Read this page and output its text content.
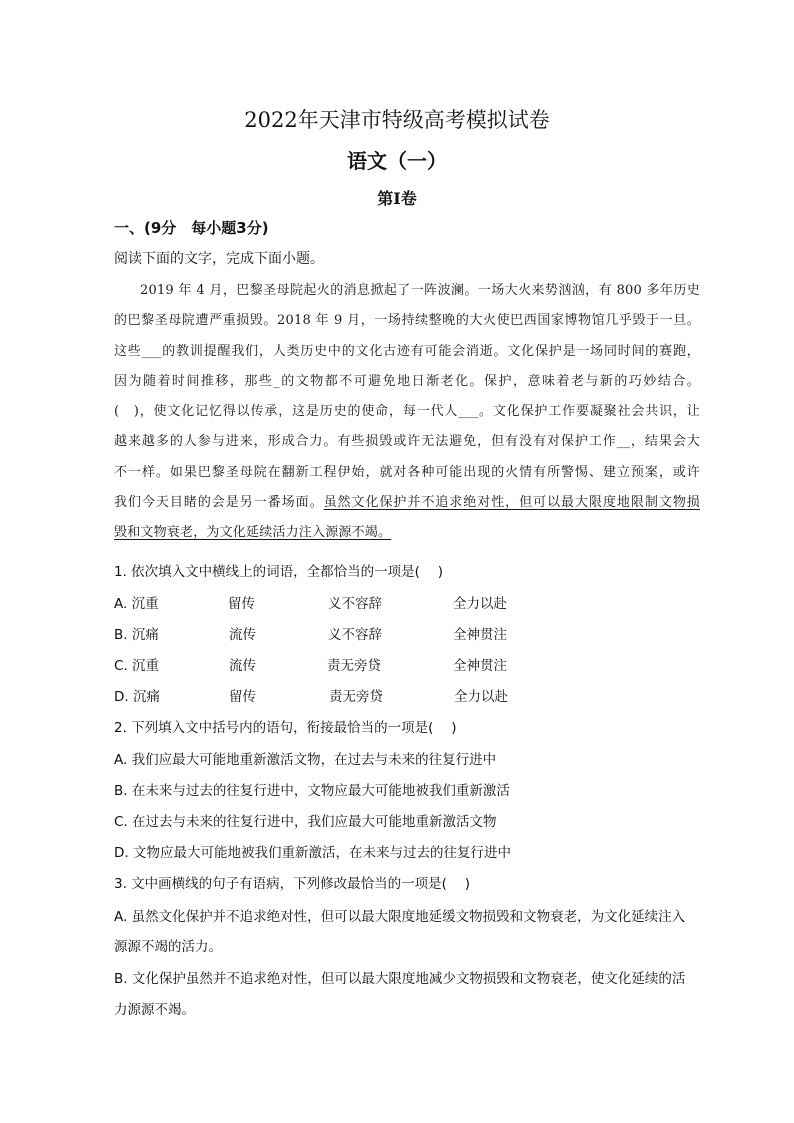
2022年天津市特级高考模拟试卷
语文（一）
第Ⅰ卷
一、(9分　每小题3分)
阅读下面的文字，完成下面小题。
2019 年 4 月，巴黎圣母院起火的消息掀起了一阵波澜。一场大火来势汹汹，有 800 多年历史
的巴黎圣母院遭严重损毁。2018 年 9 月，一场持续整晚的大火使巴西国家博物馆几乎毁于一旦。
这些___的教训提醒我们，人类历史中的文化古迹有可能会消逝。文化保护是一场同时间的赛跑，
因为随着时间推移，那些_的文物都不可避免地日渐老化。保护，意味着老与新的巧妙结合。
(　)，使文化记忆得以传承，这是历史的使命，每一代人___。文化保护工作要凝聚社会共识，让
越来越多的人参与进来，形成合力。有些损毁或许无法避免，但有没有对保护工作__，结果会大
不一样。如果巴黎圣母院在翻新工程伊始，就对各种可能出现的火情有所警惕、建立预案，或许
我们今天目睹的会是另一番场面。虽然文化保护并不追求绝对性，但可以最大限度地限制文物损
毁和文物衰老，为文化延续活力注入源源不竭。
1. 依次填入文中横线上的词语，全都恰当的一项是(　 )
A. 沉重	留传	义不容辞	全力以赴
B. 沉痛	流传	义不容辞	全神贯注
C. 沉重	流传	责无旁贷	全神贯注
D. 沉痛	留传	责无旁贷	全力以赴
2. 下列填入文中括号内的语句，衔接最恰当的一项是(　 )
A. 我们应最大可能地重新激活文物，在过去与未来的往复行进中
B. 在未来与过去的往复行进中，文物应最大可能地被我们重新激活
C. 在过去与未来的往复行进中，我们应最大可能地重新激活文物
D. 文物应最大可能地被我们重新激活，在未来与过去的往复行进中
3. 文中画横线的句子有语病，下列修改最恰当的一项是(　 )
A. 虽然文化保护并不追求绝对性，但可以最大限度地延缓文物损毁和文物衰老，为文化延续注入
源源不竭的活力。
B. 文化保护虽然并不追求绝对性，但可以最大限度地减少文物损毁和文物衰老，使文化延续的活
力源源不竭。
